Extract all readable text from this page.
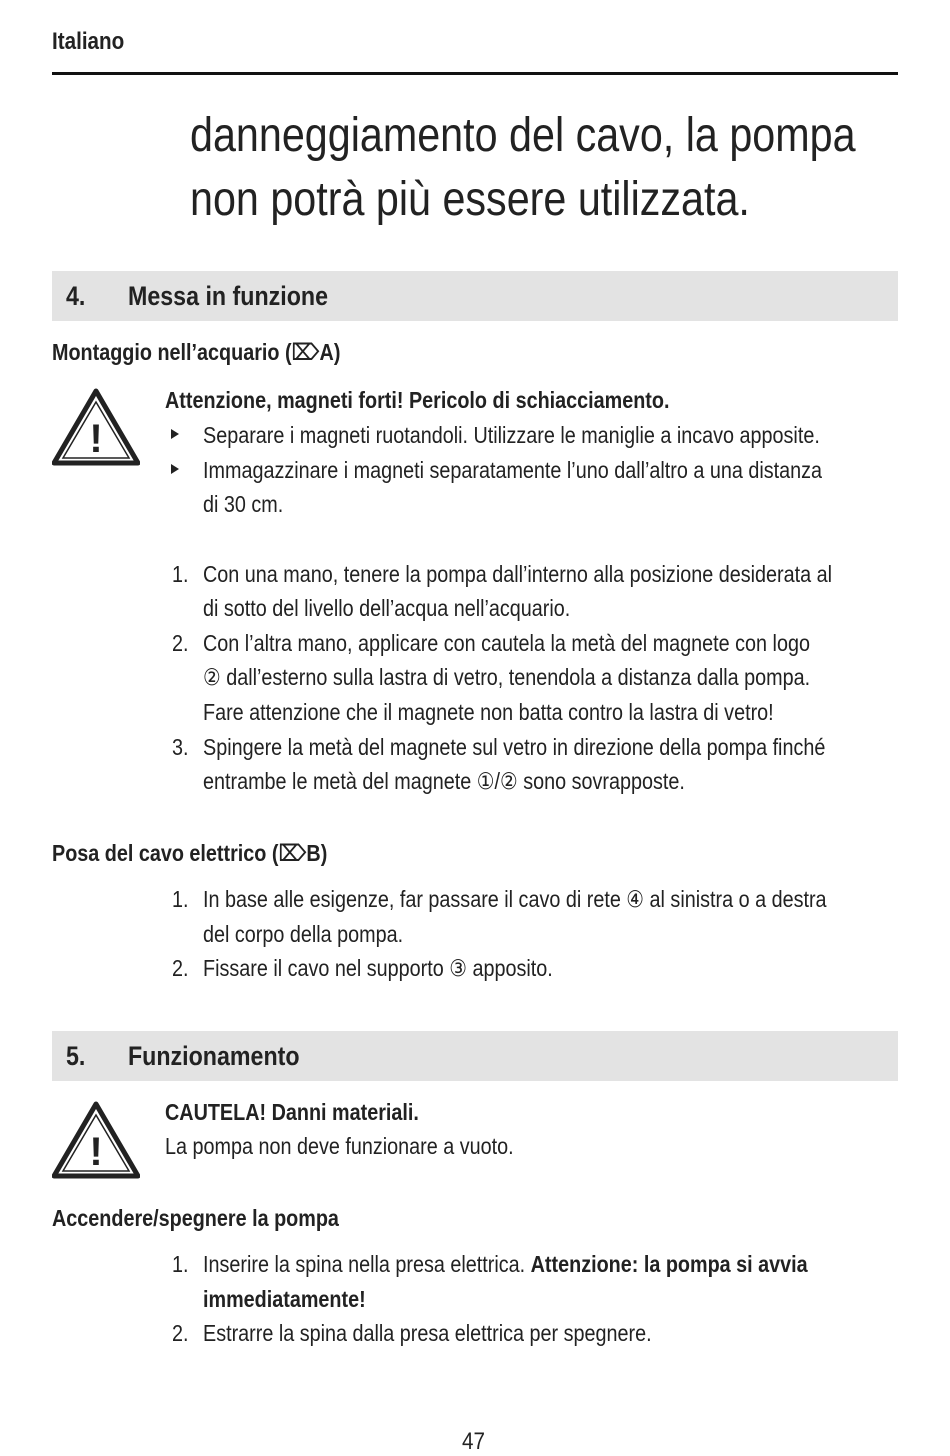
Italiano
danneggiamento del cavo, la pompa
non potrà più essere utilizzata.
4. Messa in funzione
Montaggio nell’acquario (⌦A)
!
Attenzione, magneti forti! Pericolo di schiacciamento.
Separare i magneti ruotandoli. Utilizzare le maniglie a incavo apposite.
Immagazzinare i magneti separatamente l’uno dall’altro a una distanza
di 30 cm.
1. Con una mano, tenere la pompa dall’interno alla posizione desiderata al
di sotto del livello dell’acqua nell’acquario.
2. Con l’altra mano, applicare con cautela la metà del magnete con logo
② dall’esterno sulla lastra di vetro, tenendola a distanza dalla pompa.
Fare attenzione che il magnete non batta contro la lastra di vetro!
3. Spingere la metà del magnete sul vetro in direzione della pompa finché
entrambe le metà del magnete ①/② sono sovrapposte.
Posa del cavo elettrico (⌦B)
1. In base alle esigenze, far passare il cavo di rete ④ al sinistra o a destra
del corpo della pompa.
2. Fissare il cavo nel supporto ③ apposito.
5. Funzionamento
!
CAUTELA! Danni materiali.
La pompa non deve funzionare a vuoto.
Accendere/spegnere la pompa
1. Inserire la spina nella presa elettrica. Attenzione: la pompa si avvia
immediatamente!
2. Estrarre la spina dalla presa elettrica per spegnere.
47
